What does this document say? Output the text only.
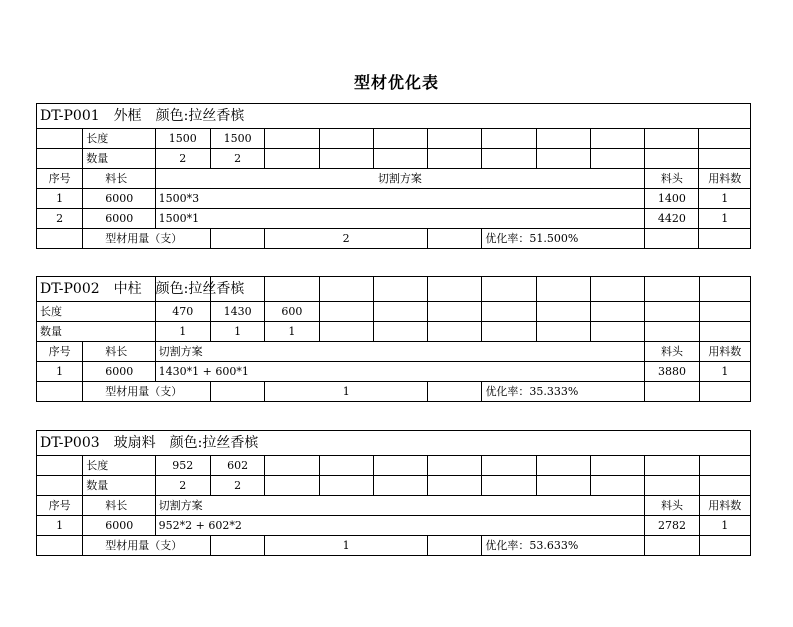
型材优化表
DT-P001　外框　颜色:拉丝香槟												
	长度	1500	1500									
	数量	2	2									
序号	料长	切割方案									料头	用料数
1	6000	1500*3									1400	1
2	6000	1500*1									4420	1
	型材用量（支）			2				优化率：51.500%				
DT-P002　中柱　颜色:拉丝香槟												
长度		470	1430	600								
数量		1	1	1								
序号	料长	切割方案									料头	用料数
1	6000	1430*1 + 600*1									3880	1
	型材用量（支）			1				优化率：35.333%				
DT-P003　玻扇料　颜色:拉丝香槟												
	长度	952	602									
	数量	2	2									
序号	料长	切割方案									料头	用料数
1	6000	952*2 + 602*2									2782	1
	型材用量（支）			1				优化率：53.633%				
